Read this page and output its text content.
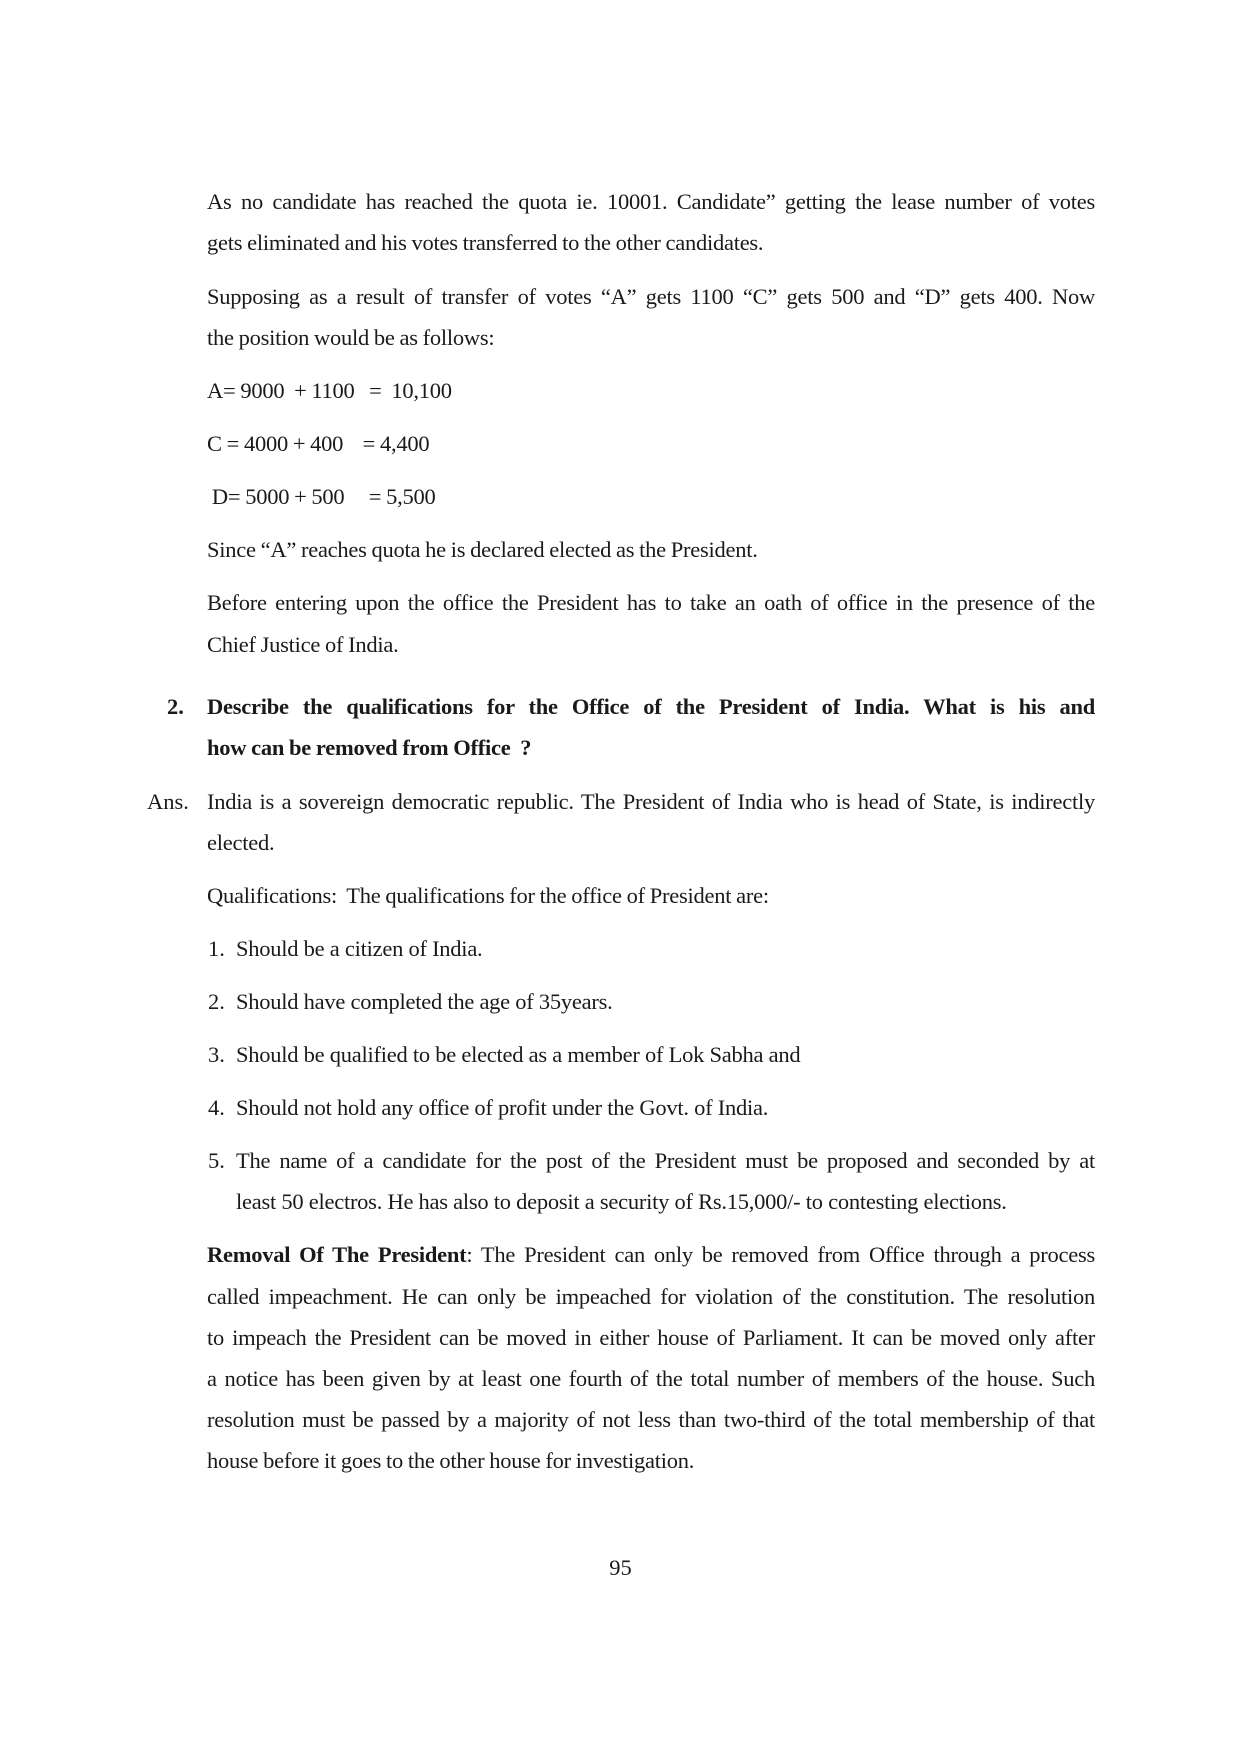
As no candidate has reached the quota ie. 10001. Candidate” getting the lease number of votes
gets eliminated and his votes transferred to the other candidates.
Supposing as a result of transfer of votes “A” gets 1100 “C” gets 500 and “D” gets 400. Now
the position would be as follows:
A= 9000  + 1100   =  10,100
C = 4000 + 400    = 4,400
D= 5000 + 500     = 5,500
Since “A” reaches quota he is declared elected as the President.
Before entering upon the office the President has to take an oath of office in the presence of the
Chief Justice of India.
2. Describe the qualifications for the Office of the President of India. What is his and
how can be removed from Office  ?
Ans. India is a sovereign democratic republic. The President of India who is head of State, is indirectly
elected.
Qualifications:  The qualifications for the office of President are:
1. Should be a citizen of India.
2. Should have completed the age of 35years.
3. Should be qualified to be elected as a member of Lok Sabha and
4. Should not hold any office of profit under the Govt. of India.
5. The name of a candidate for the post of the President must be proposed and seconded by at
least 50 electros. He has also to deposit a security of Rs.15,000/- to contesting elections.
Removal Of The President: The President can only be removed from Office through a process
called impeachment. He can only be impeached for violation of the constitution. The resolution
to impeach the President can be moved in either house of Parliament. It can be moved only after
a notice has been given by at least one fourth of the total number of members of the house. Such
resolution must be passed by a majority of not less than two-third of the total membership of that
house before it goes to the other house for investigation.
95
